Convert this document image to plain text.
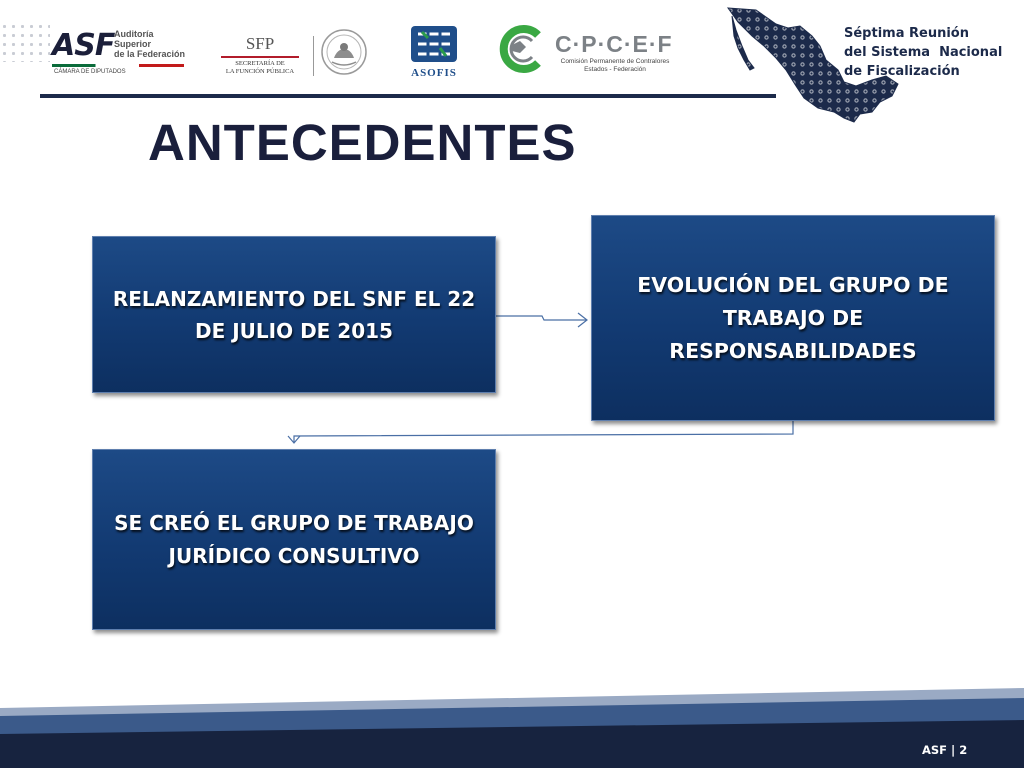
ASF Auditoría
Superior
de la Federación
CÁMARA DE DIPUTADOS
SFP
SECRETARÍA DE
LA FUNCIÓN PÚBLICA	ASOFIS
C·P·C·E·F
Comisión Permanente de Contralores
Estados - Federación
Séptima Reunión
del Sistema  Nacional
de Fiscalización
ANTECEDENTES
RELANZAMIENTO DEL SNF EL 22 DE JULIO DE 2015
EVOLUCIÓN DEL GRUPO DE TRABAJO DE RESPONSABILIDADES
SE CREÓ EL GRUPO DE TRABAJO JURÍDICO CONSULTIVO
ASF | 2
